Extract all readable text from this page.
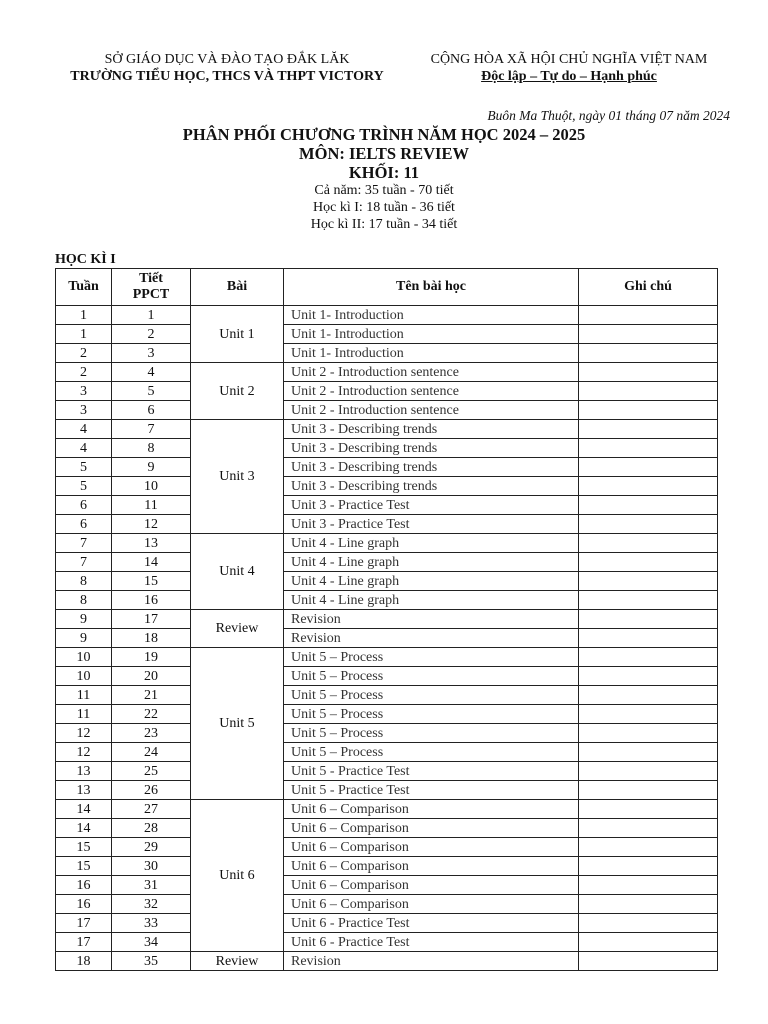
SỞ GIÁO DỤC VÀ ĐÀO TẠO ĐẮK LĂK
TRƯỜNG TIỂU HỌC, THCS VÀ THPT VICTORY
CỘNG HÒA XÃ HỘI CHỦ NGHĨA VIỆT NAM
Độc lập – Tự do – Hạnh phúc
Buôn Ma Thuột, ngày 01 tháng 07 năm 2024
PHÂN PHỐI CHƯƠNG TRÌNH NĂM HỌC 2024 – 2025
MÔN: IELTS REVIEW
KHỐI: 11
Cả năm: 35 tuần - 70 tiết
Học kì I: 18 tuần - 36 tiết
Học kì II: 17 tuần - 34 tiết
HỌC KÌ I
Tuần	Tiết PPCT	Bài	Tên bài học	Ghi chú
1	1	Unit 1	Unit 1- Introduction	
1	2		Unit 1- Introduction	
2	3		Unit 1- Introduction	
2	4	Unit 2	Unit 2 - Introduction sentence	
3	5		Unit 2 - Introduction sentence	
3	6		Unit 2 - Introduction sentence	
4	7	Unit 3	Unit 3 - Describing trends	
4	8		Unit 3 - Describing trends	
5	9		Unit 3 - Describing trends	
5	10		Unit 3 - Describing trends	
6	11		Unit 3 - Practice Test	
6	12		Unit 3 - Practice Test	
7	13	Unit 4	Unit 4 - Line graph	
7	14		Unit 4 - Line graph	
8	15		Unit 4 - Line graph	
8	16		Unit 4 - Line graph	
9	17	Review	Revision	
9	18		Revision	
10	19	Unit 5	Unit 5 – Process	
10	20		Unit 5 – Process	
11	21		Unit 5 – Process	
11	22		Unit 5 – Process	
12	23		Unit 5 – Process	
12	24		Unit 5 – Process	
13	25		Unit 5 - Practice Test	
13	26		Unit 5 - Practice Test	
14	27	Unit 6	Unit 6 – Comparison	
14	28		Unit 6 – Comparison	
15	29		Unit 6 – Comparison	
15	30		Unit 6 – Comparison	
16	31		Unit 6 – Comparison	
16	32		Unit 6 – Comparison	
17	33		Unit 6 - Practice Test	
17	34		Unit 6 - Practice Test	
18	35	Review	Revision	
